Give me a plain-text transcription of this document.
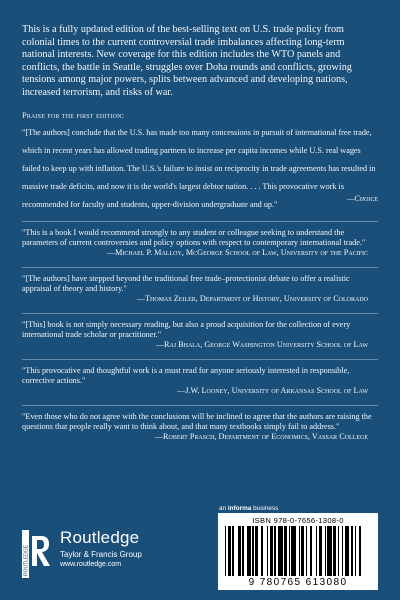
This is a fully updated edition of the best-selling text on U.S. trade policy from colonial times to the current controversial trade imbalances affecting long-term national interests. New coverage for this edition includes the WTO panels and conflicts, the battle in Seattle, struggles over Doha rounds and conflicts, growing tensions among major powers, splits between advanced and developing nations, increased terrorism, and risks of war.

Praise for the first edition:
"[The authors] conclude that the U.S. has made too many concessions in pursuit of international free trade, which in recent years has allowed trading partners to increase per capita incomes while U.S. real wages failed to keep up with inflation. The U.S.'s failure to insist on reciprocity in trade agreements has resulted in massive trade deficits, and now it is the world's largest debtor nation. . . . This provocative work is recommended for faculty and students, upper-division undergraduate and up."
—Choice

"This is a book I would recommend strongly to any student or colleague seeking to understand the parameters of current controversies and policy options with respect to contemporary international trade."

—Michael P. Malloy, McGeorge School of Law, University of the Pacific

"[The authors] have stepped beyond the traditional free trade–protectionist debate to offer a realistic appraisal of theory and history."

—Thomas Zeiler, Department of History, University of Colorado

"[This] book is not simply necessary reading, but also a proud acquisition for the collection of every international trade scholar or practitioner."

—Raj Bhala, George Washington University School of Law

"This provocative and thoughtful work is a must read for anyone seriously interested in responsible, corrective actions."

—J.W. Looney, University of Arkansas School of Law

"Even those who do not agree with the conclusions will be inclined to agree that the authors are raising the questions that people really want to think about, and that many textbooks simply fail to address."

—Robert Prasch, Department of Economics, Vassar College

an informa business
ISBN 978-0-7656-1308-0
9 780765 613080
ROUTLEDGE
Routledge
Taylor & Francis Group
www.routledge.com
